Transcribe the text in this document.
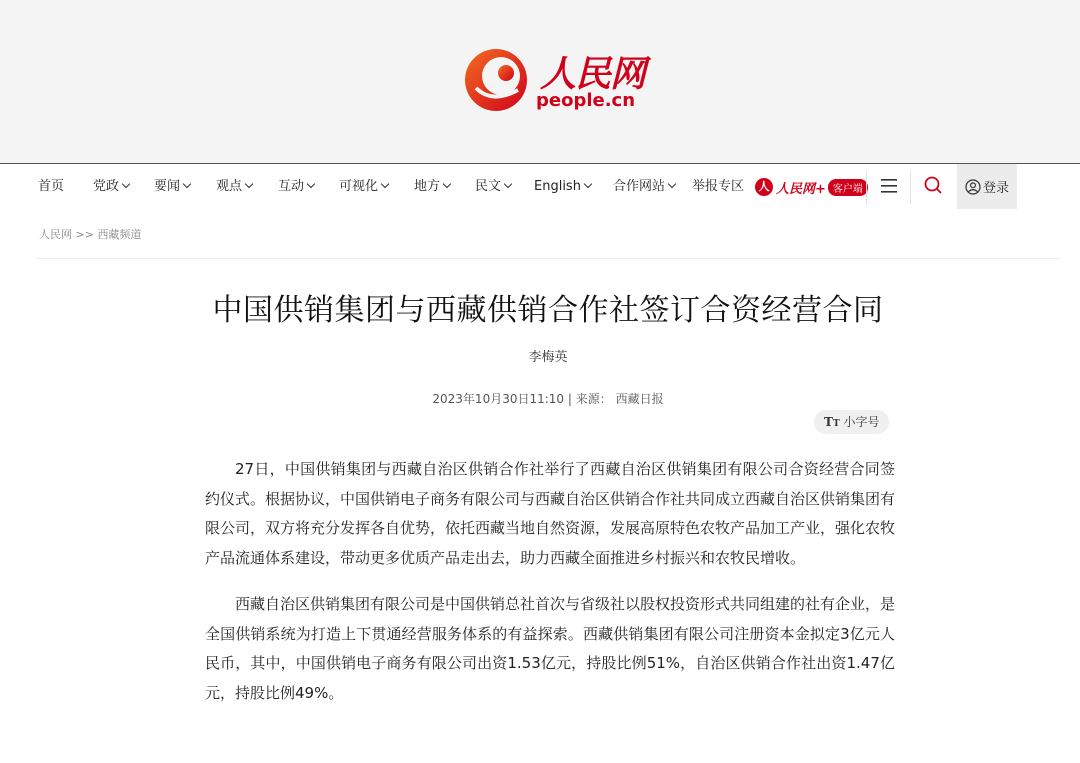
人民网
people.cn
首页 党政	要闻	观点	互动	可视化	地方	民文	English	合作网站	举报专区	人 人民网+ 客户端	登录
人民网 >> 西藏频道
中国供销集团与西藏供销合作社签订合资经营合同
李梅英
2023年10月30日11:10 | 来源： 西藏日报
TT 小字号

27日，中国供销集团与西藏自治区供销合作社举行了西藏自治区供销集团有限公司合资经营合同签约仪式。根据协议，中国供销电子商务有限公司与西藏自治区供销合作社共同成立西藏自治区供销集团有限公司，双方将充分发挥各自优势，依托西藏当地自然资源，发展高原特色农牧产品加工产业，强化农牧产品流通体系建设，带动更多优质产品走出去，助力西藏全面推进乡村振兴和农牧民增收。

西藏自治区供销集团有限公司是中国供销总社首次与省级社以股权投资形式共同组建的社有企业，是全国供销系统为打造上下贯通经营服务体系的有益探索。西藏供销集团有限公司注册资本金拟定3亿元人民币，其中，中国供销电子商务有限公司出资1.53亿元，持股比例51%，自治区供销合作社出资1.47亿元，持股比例49%。
